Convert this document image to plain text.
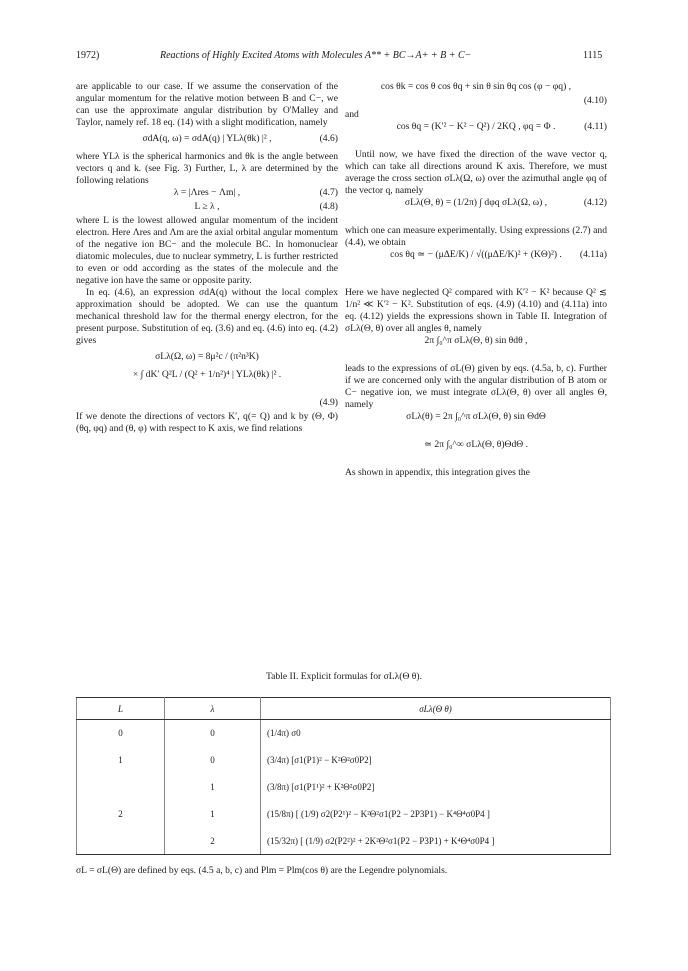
1972)	Reactions of Highly Excited Atoms with Molecules A** + BC→A+ + B + C−	1115

are applicable to our case. If we assume the conservation of the angular momentum for the relative motion between B and C−, we can use the approximate angular distribution by O'Malley and Taylor, namely ref. 18 eq. (14) with a slight modification, namely

σdA(q, ω) = σdA(q) | YLλ(θk) |² ,	(4.6)

where YLλ is the spherical harmonics and θk is the angle between vectors q and k. (see Fig. 3) Further, L, λ are determined by the following relations

λ = |Λres − Λm| ,	(4.7)
L ≥ λ ,	(4.8)

where L is the lowest allowed angular momentum of the incident electron. Here Λres and Λm are the axial orbital angular momentum of the negative ion BC− and the molecule BC. In homonuclear diatomic molecules, due to nuclear symmetry, L is further restricted to even or odd according as the states of the molecule and the negative ion have the same or opposite parity.

In eq. (4.6), an expression σdA(q) without the local complex approximation should be adopted. We can use the quantum mechanical threshold law for the thermal energy electron, for the present purpose. Substitution of eq. (3.6) and eq. (4.6) into eq. (4.2) gives

σLλ(Ω, ω) = 8μ²c / (π²n³K)
× ∫ dK′ Q²L / (Q² + 1/n²)⁴ | YLλ(θk) |² .
(4.9)

If we denote the directions of vectors K′, q(= Q) and k by (Θ, Φ)(θq, φq) and (θ, φ) with respect to K axis, we find relations

cos θk = cos θ cos θq + sin θ sin θq cos (φ − φq) ,
(4.10)

and

cos θq = (K′² − K² − Q²) / 2KQ , φq = Φ .	(4.11)

Until now, we have fixed the direction of the wave vector q, which can take all directions around K axis. Therefore, we must average the cross section σLλ(Ω, ω) over the azimuthal angle φq of the vector q, namely

σLλ(Θ, θ) = (1/2π) ∫ dφq σLλ(Ω, ω) ,	(4.12)

which one can measure experimentally. Using expressions (2.7) and (4.4), we obtain

cos θq ≃ − (μΔE/K) / √((μΔE/K)² + (KΘ)²) . (4.11a)

Here we have neglected Q² compared with K′² − K² because Q² ≲ 1/n² ≪ K′² − K². Substitution of eqs. (4.9) (4.10) and (4.11a) into eq. (4.12) yields the expressions shown in Table II. Integration of σLλ(Θ, θ) over all angles θ, namely

2π ∫₀^π σLλ(Θ, θ) sin θdθ ,

leads to the expressions of σL(Θ) given by eqs. (4.5a, b, c). Further if we are concerned only with the angular distribution of B atom or C− negative ion, we must integrate σLλ(Θ, θ) over all angles Θ, namely

σLλ(θ) = 2π ∫₀^π σLλ(Θ, θ) sin ΘdΘ
≃ 2π ∫₀^∞ σLλ(Θ, θ)ΘdΘ .

As shown in appendix, this integration gives the

Table II. Explicit formulas for σLλ(Θ θ).
L	λ	σLλ(Θ θ)
0	0	(1/4π) σ0
1	0	(3/4π) [σ1(P1)² − K²Θ²σ0P2]
	1	(3/8π) [σ1(P1¹)² + K²Θ²σ0P2]
2	1	(15/8π) [ (1/9) σ2(P2¹)² − K²Θ²σ1(P2 − 2P3P1) − K⁴Θ⁴σ0P4 ]
	2	(15/32π) [ (1/9) σ2(P2²)² + 2K²Θ²σ1(P2 − P3P1) + K⁴Θ⁴σ0P4 ]
σL = σL(Θ) are defined by eqs. (4.5 a, b, c) and Plm = Plm(cos θ) are the Legendre polynomials.
